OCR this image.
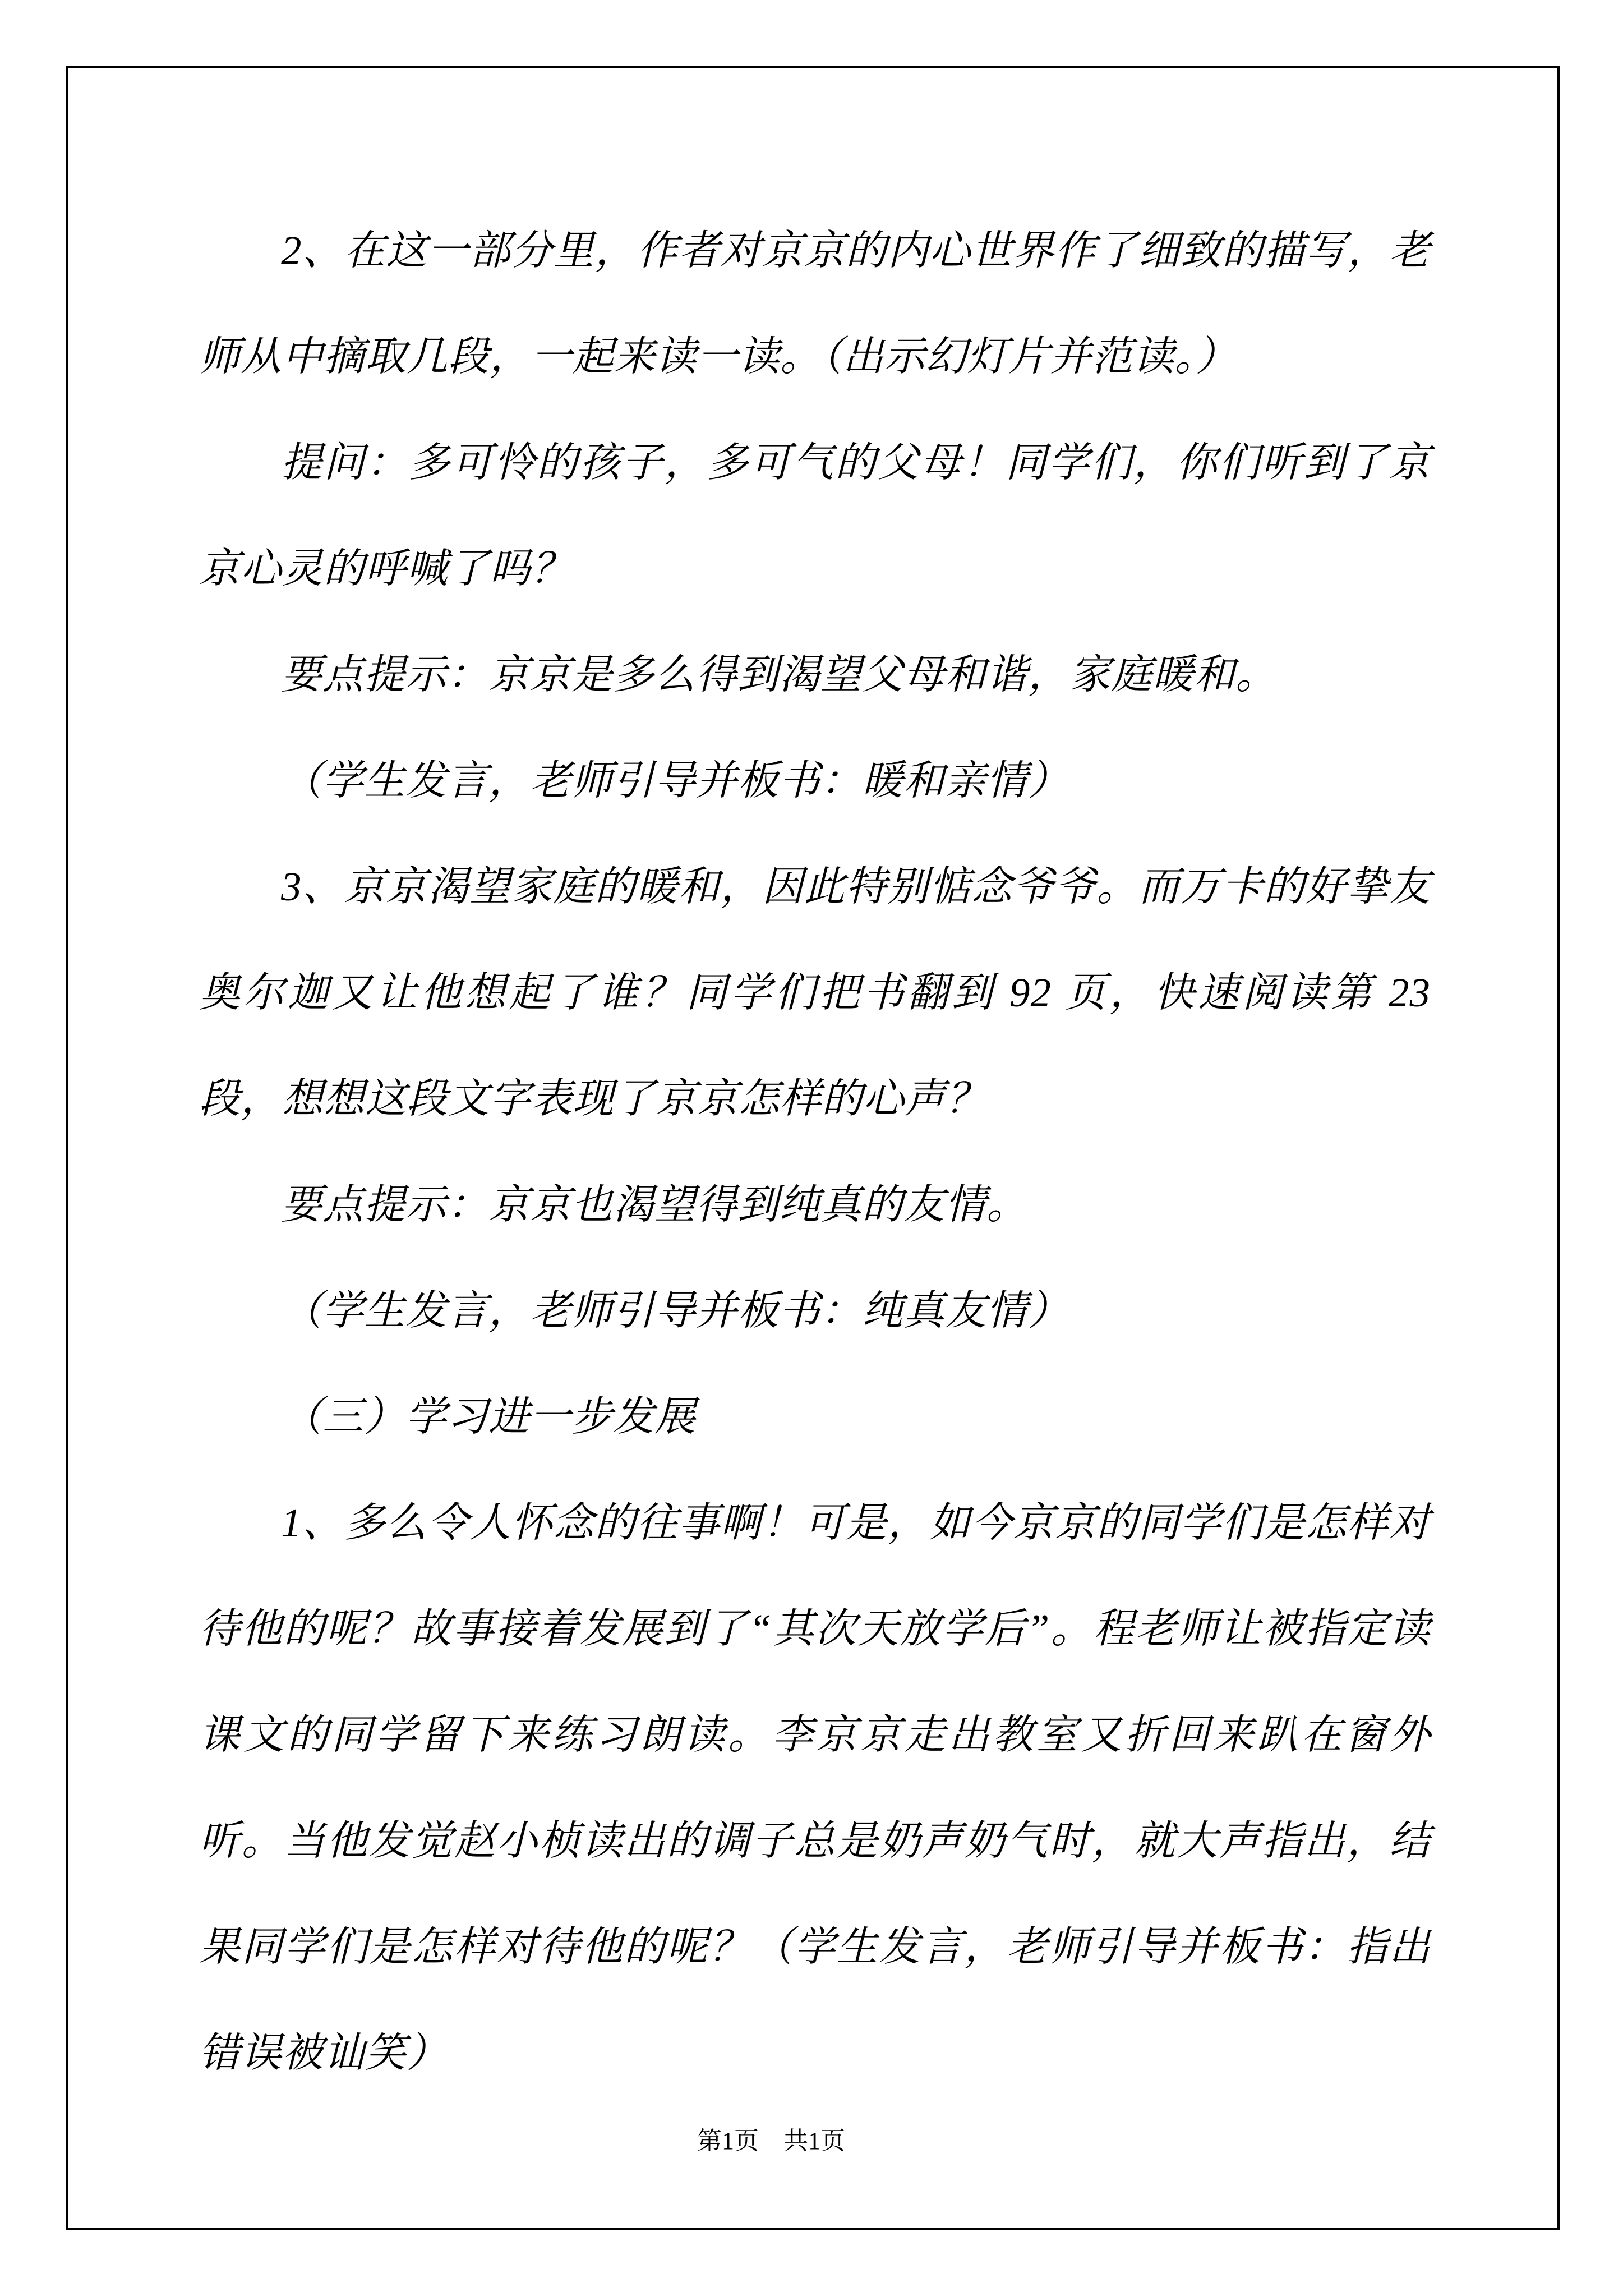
2、在这一部分里，作者对京京的内心世界作了细致的描写，老师从中摘取几段，一起来读一读。（出示幻灯片并范读。）

提问：多可怜的孩子，多可气的父母！同学们，你们听到了京京心灵的呼喊了吗？

要点提示：京京是多么得到渴望父母和谐，家庭暖和。

（学生发言，老师引导并板书：暖和亲情）

3、京京渴望家庭的暖和，因此特别惦念爷爷。而万卡的好挚友奥尔迦又让他想起了谁？同学们把书翻到 92 页，快速阅读第 23 段，想想这段文字表现了京京怎样的心声？

要点提示：京京也渴望得到纯真的友情。

（学生发言，老师引导并板书：纯真友情）

（三）学习进一步发展

1、多么令人怀念的往事啊！可是，如今京京的同学们是怎样对待他的呢？故事接着发展到了“其次天放学后”。程老师让被指定读课文的同学留下来练习朗读。李京京走出教室又折回来趴在窗外听。当他发觉赵小桢读出的调子总是奶声奶气时，就大声指出，结果同学们是怎样对待他的呢？（学生发言，老师引导并板书：指出错误被讪笑）

第1页　共1页
